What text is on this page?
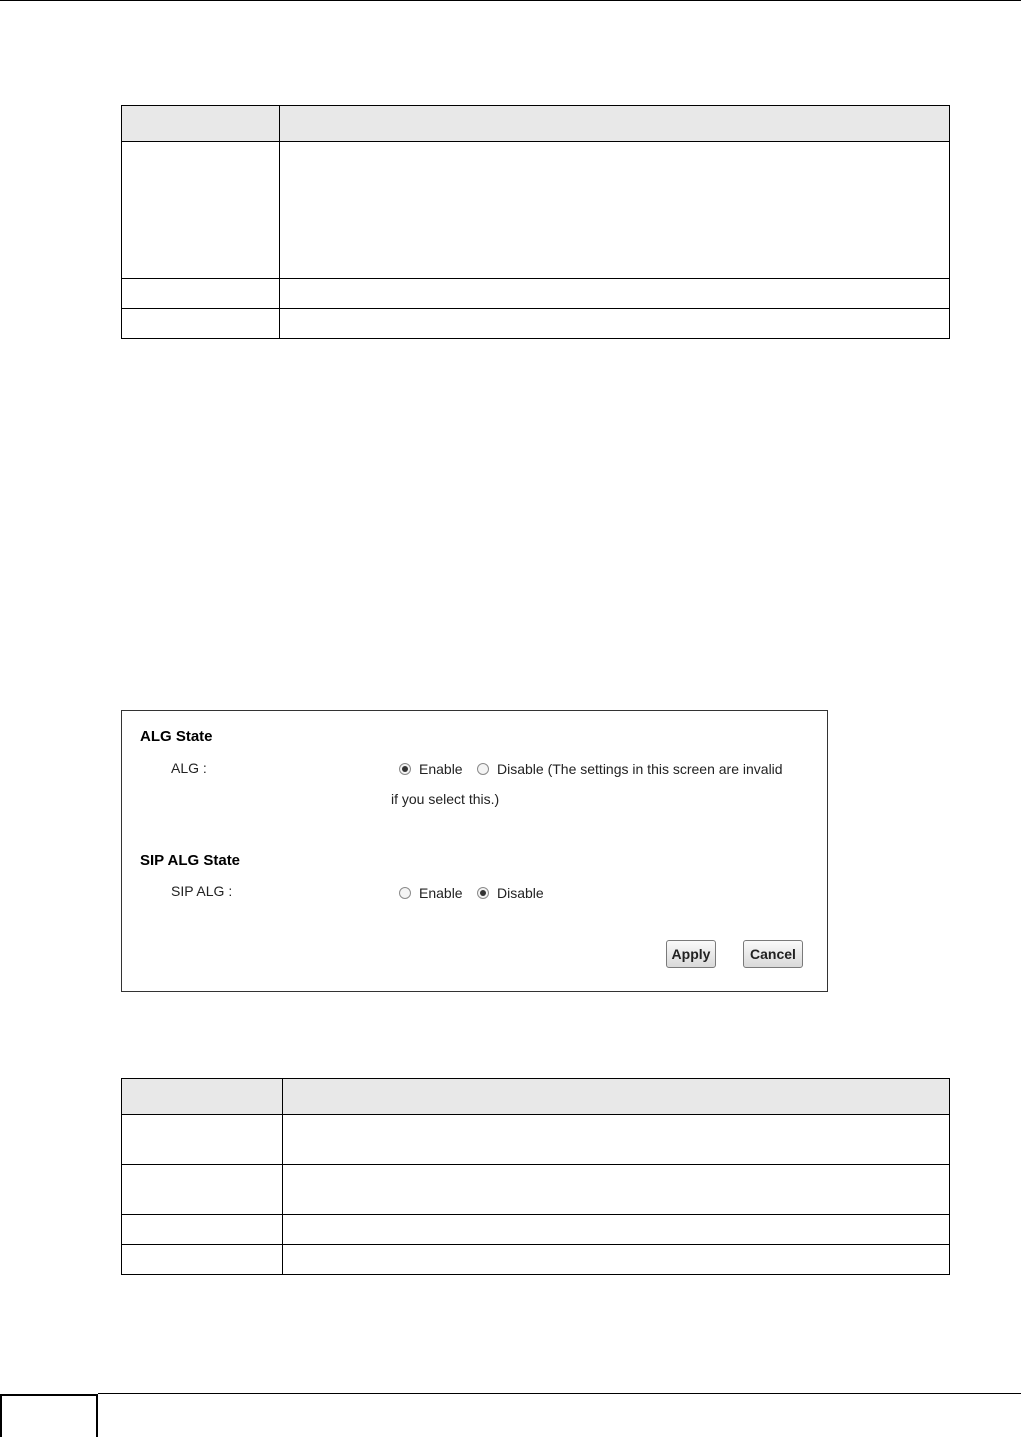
ALG State
ALG :	Enable Disable (The settings in this screen are invalid
if you select this.)
SIP ALG State
SIP ALG :	Enable Disable
Apply	Cancel
